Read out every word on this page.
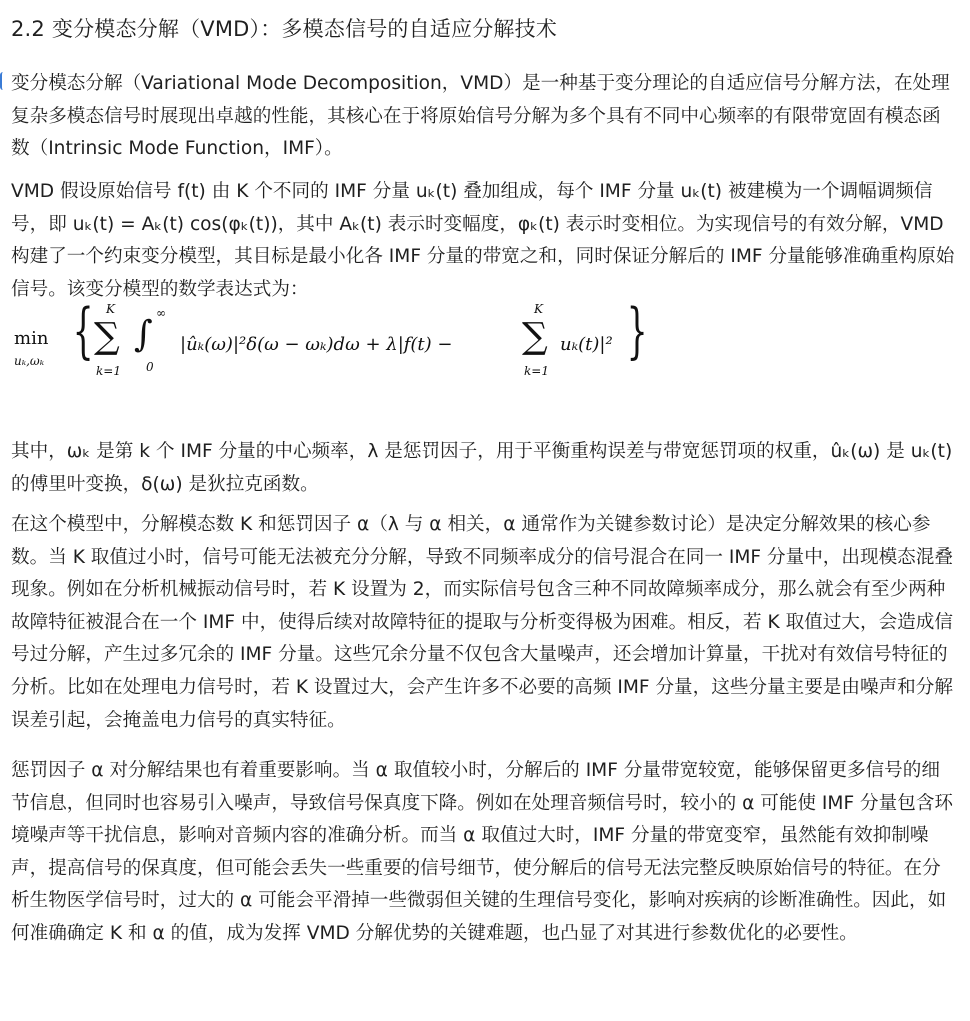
2.2 变分模态分解（VMD）：多模态信号的自适应分解技术

变分模态分解（Variational Mode Decomposition，VMD）是一种基于变分理论的自适应信号分解方法，在处理复杂多模态信号时展现出卓越的性能，其核心在于将原始信号分解为多个具有不同中心频率的有限带宽固有模态函数（Intrinsic Mode Function，IMF）。

VMD 假设原始信号 f(t) 由 K 个不同的 IMF 分量 uₖ(t) 叠加组成，每个 IMF 分量 uₖ(t) 被建模为一个调幅调频信号，即 uₖ(t) = Aₖ(t) cos(φₖ(t))，其中 Aₖ(t) 表示时变幅度，φₖ(t) 表示时变相位。为实现信号的有效分解，VMD 构建了一个约束变分模型，其目标是最小化各 IMF 分量的带宽之和，同时保证分解后的 IMF 分量能够准确重构原始信号。该变分模型的数学表达式为：

min
uₖ,ωₖ {	K
∑
k=1
∞
∫
0
|ûₖ(ω)|²δ(ω − ωₖ)dω + λ|f(t) −
K
∑
k=1
uₖ(t)|² }

其中，ωₖ 是第 k 个 IMF 分量的中心频率，λ 是惩罚因子，用于平衡重构误差与带宽惩罚项的权重，ûₖ(ω) 是 uₖ(t) 的傅里叶变换，δ(ω) 是狄拉克函数。

在这个模型中，分解模态数 K 和惩罚因子 α（λ 与 α 相关，α 通常作为关键参数讨论）是决定分解效果的核心参数。当 K 取值过小时，信号可能无法被充分分解，导致不同频率成分的信号混合在同一 IMF 分量中，出现模态混叠现象。例如在分析机械振动信号时，若 K 设置为 2，而实际信号包含三种不同故障频率成分，那么就会有至少两种故障特征被混合在一个 IMF 中，使得后续对故障特征的提取与分析变得极为困难。相反，若 K 取值过大，会造成信号过分解，产生过多冗余的 IMF 分量。这些冗余分量不仅包含大量噪声，还会增加计算量，干扰对有效信号特征的分析。比如在处理电力信号时，若 K 设置过大，会产生许多不必要的高频 IMF 分量，这些分量主要是由噪声和分解误差引起，会掩盖电力信号的真实特征。

惩罚因子 α 对分解结果也有着重要影响。当 α 取值较小时，分解后的 IMF 分量带宽较宽，能够保留更多信号的细节信息，但同时也容易引入噪声，导致信号保真度下降。例如在处理音频信号时，较小的 α 可能使 IMF 分量包含环境噪声等干扰信息，影响对音频内容的准确分析。而当 α 取值过大时，IMF 分量的带宽变窄，虽然能有效抑制噪声，提高信号的保真度，但可能会丢失一些重要的信号细节，使分解后的信号无法完整反映原始信号的特征。在分析生物医学信号时，过大的 α 可能会平滑掉一些微弱但关键的生理信号变化，影响对疾病的诊断准确性。因此，如何准确确定 K 和 α 的值，成为发挥 VMD 分解优势的关键难题，也凸显了对其进行参数优化的必要性。
